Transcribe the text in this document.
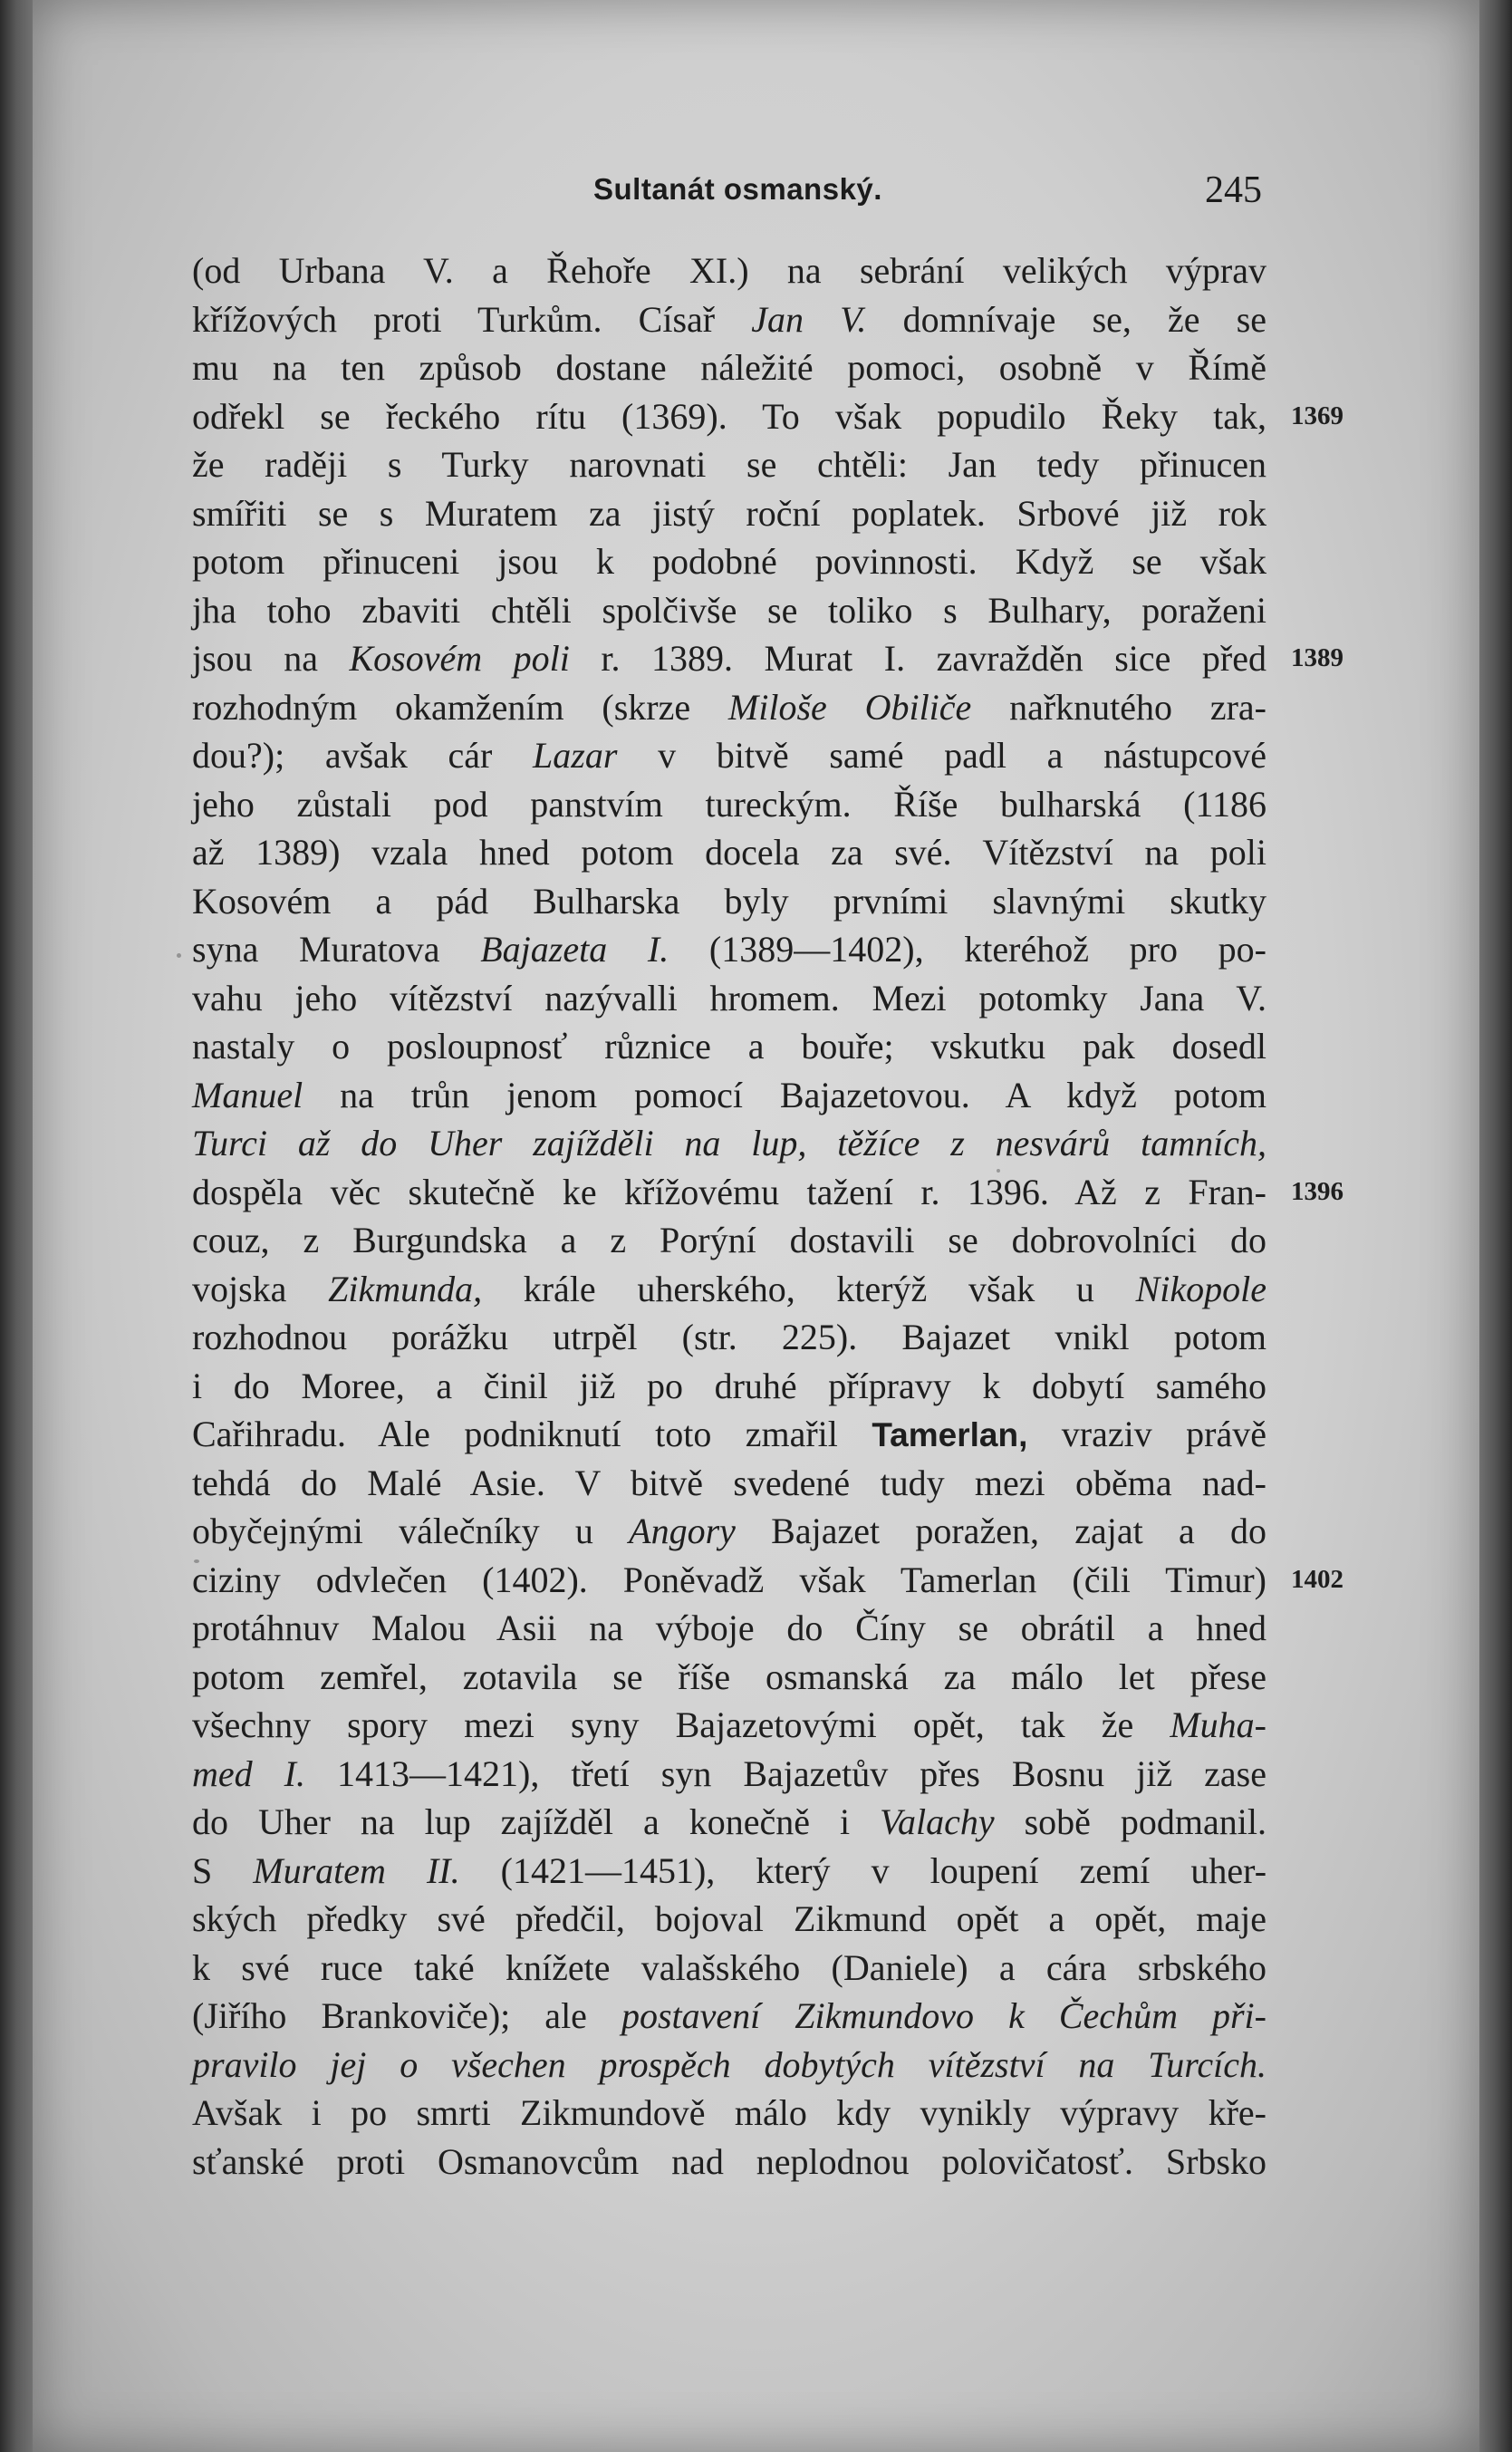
Sultanát osmanský.	245
(od Urbana V. a Řehoře XI.) na sebrání velikých výprav
křížových proti Turkům. Císař Jan V. domnívaje se, že se
mu na ten způsob dostane náležité pomoci, osobně v Římě
odřekl se řeckého rítu (1369). To však popudilo Řeky tak,
že raději s Turky narovnati se chtěli: Jan tedy přinucen
smířiti se s Muratem za jistý roční poplatek. Srbové již rok
potom přinuceni jsou k podobné povinnosti. Když se však
jha toho zbaviti chtěli spolčivše se toliko s Bulhary, poraženi
jsou na Kosovém poli r. 1389. Murat I. zavražděn sice před
rozhodným okamžením (skrze Miloše Obiliče nařknutého zra-
dou?); avšak cár Lazar v bitvě samé padl a nástupcové
jeho zůstali pod panstvím tureckým. Říše bulharská (1186
až 1389) vzala hned potom docela za své. Vítězství na poli
Kosovém a pád Bulharska byly prvními slavnými skutky
syna Muratova Bajazeta I. (1389—1402), kteréhož pro po-
vahu jeho vítězství nazývalli hromem. Mezi potomky Jana V.
nastaly o posloupnosť různice a bouře; vskutku pak dosedl
Manuel na trůn jenom pomocí Bajazetovou. A když potom
Turci až do Uher zajížděli na lup, těžíce z nesvárů tamních,
dospěla věc skutečně ke křížovému tažení r. 1396. Až z Fran-
couz, z Burgundska a z Porýní dostavili se dobrovolníci do
vojska Zikmunda, krále uherského, kterýž však u Nikopole
rozhodnou porážku utrpěl (str. 225). Bajazet vnikl potom
i do Moree, a činil již po druhé přípravy k dobytí samého
Cařihradu. Ale podniknutí toto zmařil Tamerlan, vraziv právě
tehdá do Malé Asie. V bitvě svedené tudy mezi oběma nad-
obyčejnými válečníky u Angory Bajazet poražen, zajat a do
ciziny odvlečen (1402). Poněvadž však Tamerlan (čili Timur)
protáhnuv Malou Asii na výboje do Číny se obrátil a hned
potom zemřel, zotavila se říše osmanská za málo let přese
všechny spory mezi syny Bajazetovými opět, tak že Muha-
med I. 1413—1421), třetí syn Bajazetův přes Bosnu již zase
do Uher na lup zajížděl a konečně i Valachy sobě podmanil.
S Muratem II. (1421—1451), který v loupení zemí uher-
ských předky své předčil, bojoval Zikmund opět a opět, maje
k své ruce také knížete valašského (Daniele) a cára srbského
(Jiřího Brankoviče); ale postavení Zikmundovo k Čechům při-
pravilo jej o všechen prospěch dobytých vítězství na Turcích.
Avšak i po smrti Zikmundově málo kdy vynikly výpravy kře-
sťanské proti Osmanovcům nad neplodnou polovičatosť. Srbsko
1369
1389
1396
1402
